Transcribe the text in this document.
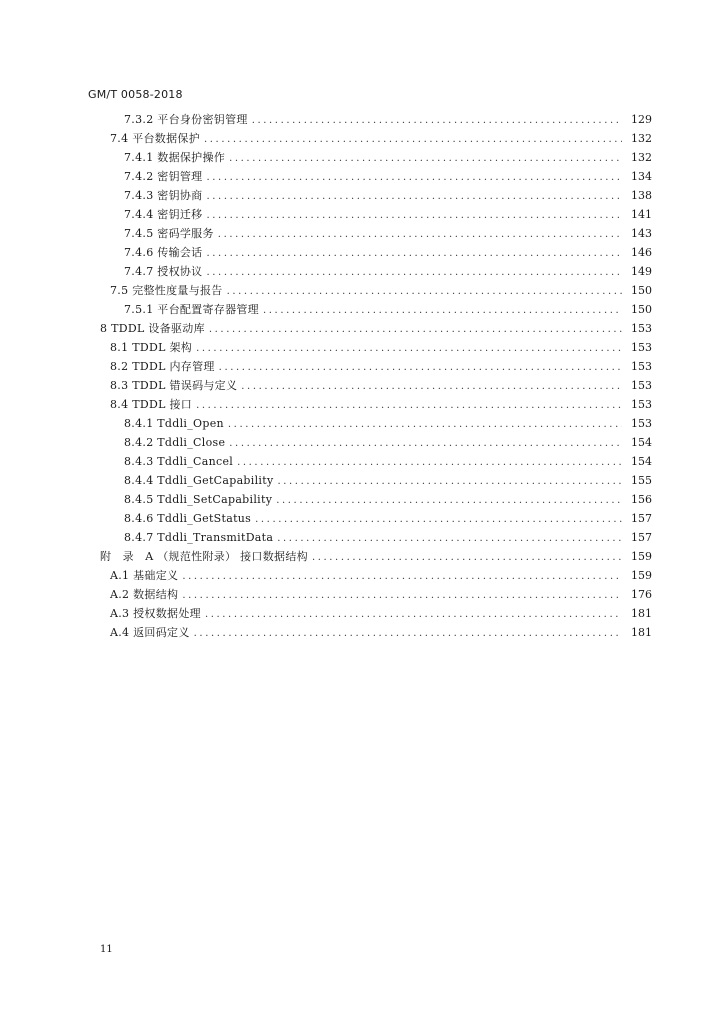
GM/T 0058-2018
7.3.2 平台身份密钥管理 .....	129
7.4 平台数据保护 .....	132
7.4.1 数据保护操作 .....	132
7.4.2 密钥管理 .....	134
7.4.3 密钥协商 .....	138
7.4.4 密钥迁移 .....	141
7.4.5 密码学服务 .....	143
7.4.6 传输会话 .....	146
7.4.7 授权协议 .....	149
7.5 完整性度量与报告 .....	150
7.5.1 平台配置寄存器管理 .....	150
8 TDDL 设备驱动库 .....	153
8.1 TDDL 架构 .....	153
8.2 TDDL 内存管理 .....	153
8.3 TDDL 错误码与定义 .....	153
8.4 TDDL 接口 .....	153
8.4.1 Tddli_Open .....	153
8.4.2 Tddli_Close .....	154
8.4.3 Tddli_Cancel .....	154
8.4.4 Tddli_GetCapability .....	155
8.4.5 Tddli_SetCapability .....	156
8.4.6 Tddli_GetStatus .....	157
8.4.7 Tddli_TransmitData .....	157
附　录　A （规范性附录） 接口数据结构 .....	159
A.1 基础定义 .....	159
A.2 数据结构 .....	176
A.3 授权数据处理 .....	181
A.4 返回码定义 .....	181
11
